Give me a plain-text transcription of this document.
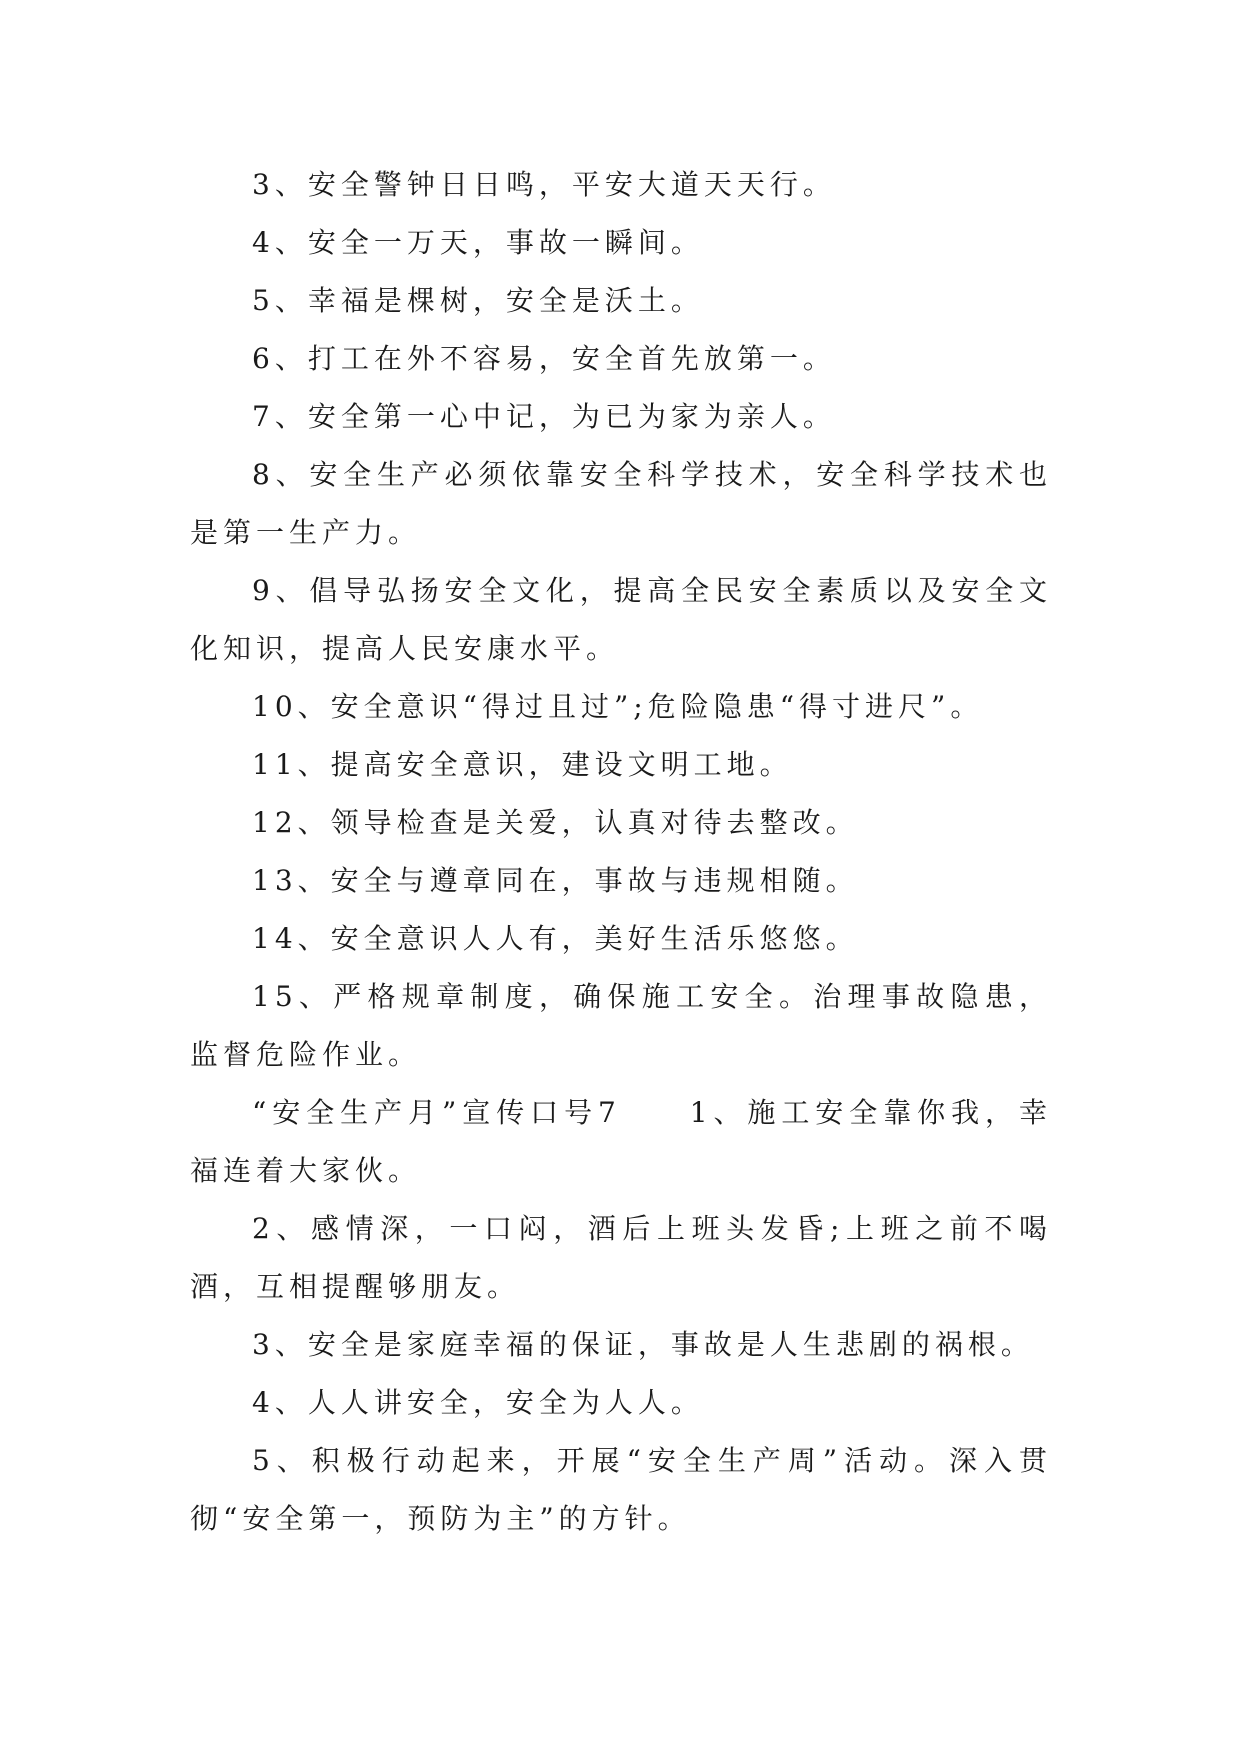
3、安全警钟日日鸣，平安大道天天行。

4、安全一万天，事故一瞬间。

5、幸福是棵树，安全是沃土。

6、打工在外不容易，安全首先放第一。

7、安全第一心中记，为已为家为亲人。

8、安全生产必须依靠安全科学技术，安全科学技术也是第一生产力。

9、倡导弘扬安全文化，提高全民安全素质以及安全文化知识，提高人民安康水平。

10、安全意识“得过且过”;危险隐患“得寸进尺”。

11、提高安全意识，建设文明工地。

12、领导检查是关爱，认真对待去整改。

13、安全与遵章同在，事故与违规相随。

14、安全意识人人有，美好生活乐悠悠。

15、严格规章制度，确保施工安全。治理事故隐患，监督危险作业。

“安全生产月”宣传口号7　　1、施工安全靠你我，幸福连着大家伙。

2、感情深，一口闷，酒后上班头发昏;上班之前不喝酒，互相提醒够朋友。

3、安全是家庭幸福的保证，事故是人生悲剧的祸根。

4、人人讲安全，安全为人人。

5、积极行动起来，开展“安全生产周”活动。深入贯彻“安全第一，预防为主”的方针。
